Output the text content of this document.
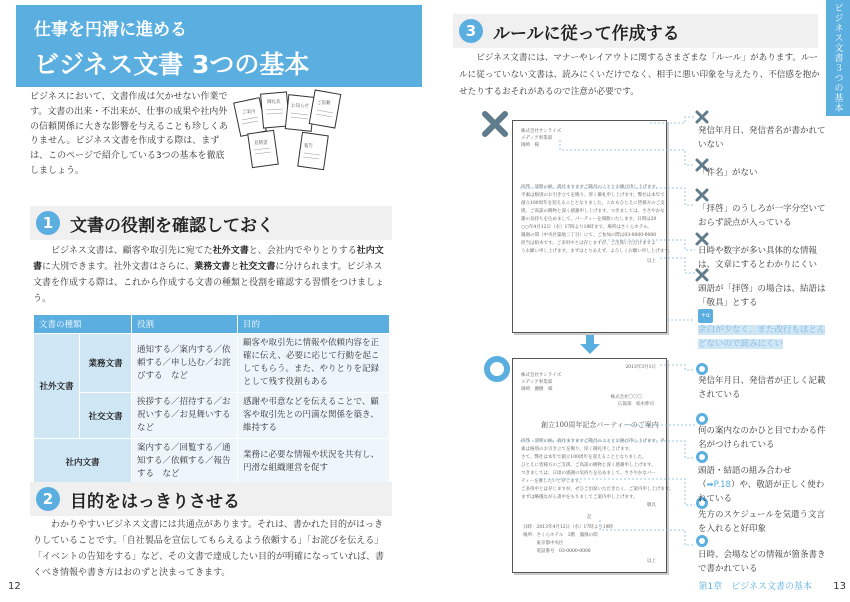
仕事を円滑に進める
ビジネス文書 3つの基本
ビジネスにおいて、文書作成は欠かせない作業です。文書の出来・不出来が、仕事の成果や社内外の信頼関係に大きな影響を与えることも珍しくありません。ビジネス文書を作成する際は、まずは、このページで紹介している3つの基本を徹底しましょう。
ご案内
御礼状
お知らせ
ご依頼
見積書
報告
1 文書の役割を確認しておく
ビジネス文書は、顧客や取引先に宛てた社外文書と、会社内でやりとりする社内文書に大別できます。社外文書はさらに、業務文書と社交文書に分けられます。ビジネス文書を作成する際は、これから作成する文書の種類と役割を確認する習慣をつけましょう。
文書の種類		役割	目的
社外文書	業務文書	通知する／案内する／依頼する／申し込む／お詫びする　など	顧客や取引先に情報や依頼内容を正確に伝え、必要に応じて行動を起こしてもらう。また、やりとりを記録として残す役割もある
	社交文書	挨拶する／招待する／お祝いする／お見舞いするなど	感謝や弔意などを伝えることで、顧客や取引先との円満な関係を築き、維持する
社内文書		案内する／回覧する／通知する／依頼する／報告する　など	業務に必要な情報や状況を共有し、円滑な組織運営を促す
2 目的をはっきりさせる
わかりやすいビジネス文書には共通点があります。それは、書かれた目的がはっきりしていることです。「自社製品を宣伝してもらえるよう依頼する」「お詫びを伝える」「イベントの告知をする」など、その文書で達成したい目的が明確になっていれば、書くべき情報や書き方はおのずと決まってきます。
12
ビジネス文書３つの基本
3 ルールに従って作成する
ビジネス文書には、マナーやレイアウトに関するさまざまな「ルール」があります。ルールに従っていない文書は、読みにくいだけでなく、相手に悪い印象を与えたり、不信感を抱かせたりするおそれがあるので注意が必要です。
13
第1章　ビジネス文書の基本
株式会社サンライズ
メディア事業部
岡崎　様
拝啓、清明の候、貴社ますますご隆昌のこととお慶び申し上げます。
平素は格別のお引き立てを賜り、厚く御礼申し上げます。弊社は本年で
創立100周年を迎えることとなりました。これもひとえに皆様方のご支
援、ご高誼の賜物と深く感謝申し上げます。つきましては、ささやかな
謝の気持ちを込めまして、パーティーを開催いたします。日時は20
○○年4月12日（水）17時より19時まで、場所はさくらホテル。
鳳凰の間（中央区築地三丁目）にて、ご参加の際は03-0000-0000
担当は柏木です。ご多用中とは存じますが、ご出席いただけますよ
うお願い申し上げます。まずはとりあえず、よろしくお願い申し上げます。
以上
2013年3月1日
株式会社サンライズ
メディア事業部
岡崎　優樹　様
株式会社〇〇〇
広報部　柏木伸司
創立100周年記念パーティーのご案内
拝啓　清明の候、貴社ますますご隆昌のこととお慶び申し上げます。平
素は格別のお引き立てを賜り、厚く御礼申し上げます。
さて、弊社は本年で創立100周年を迎えることとなりました。
ひとえに皆様方のご支援、ご高誼の賜物と深く感謝申し上げます。
つきましては、日頃の感謝の気持ちを込めまして、ささやかなパー
ティーを催したいと存じます。
ご多用中とは存じますが、ぜひご出席いただきたく、ご案内申し上げます。
まずは略儀ながら書中をもちましてご案内申し上げます。
敬具
記
日時：2013年4月12日（水）17時より19時
場所：さくらホテル　3階　鳳凰の間
　　　東京都中央区
　　　電話番号　03-0000-0000
以上
発信年月日、発信者名が書かれていない
「件名」がない
「拝啓」のうしろが一字分空いておらず読点が入っている
日時や数字が多い具体的な情報は、文章にするとわかりにくい
頭語が「拝啓」の場合は、結語は「敬具」とする
+α
余白が少なく、また改行もほとんどないので読みにくい
発信年月日、発信者が正しく記載されている
何の案内なのかひと目でわかる件名がつけられている
頭語・結語の組み合わせ（➡P.18）や、敬語が正しく使われている
先方のスケジュールを気遣う文言を入れると好印象
日時、会場などの情報が箇条書きで書かれている
